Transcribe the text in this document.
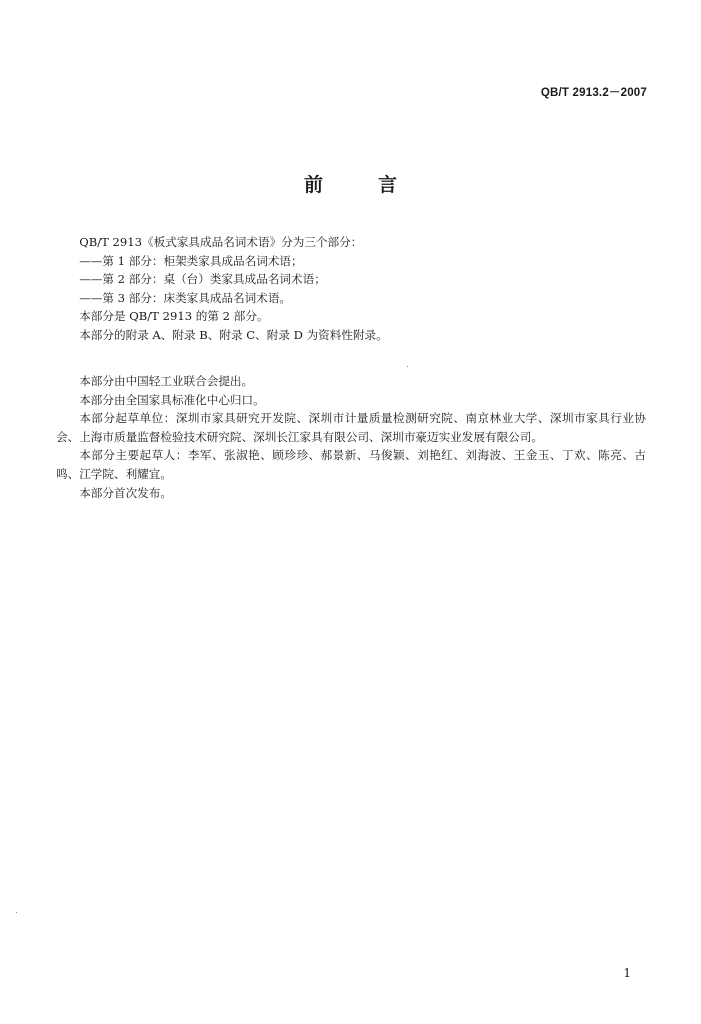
QB/T 2913.2－2007
前　言

QB/T 2913《板式家具成品名词术语》分为三个部分：

——第 1 部分：柜架类家具成品名词术语；

——第 2 部分：桌（台）类家具成品名词术语；

——第 3 部分：床类家具成品名词术语。

本部分是 QB/T 2913 的第 2 部分。

本部分的附录 A、附录 B、附录 C、附录 D 为资料性附录。

本部分由中国轻工业联合会提出。

本部分由全国家具标准化中心归口。

本部分起草单位：深圳市家具研究开发院、深圳市计量质量检测研究院、南京林业大学、深圳市家具行业协会、上海市质量监督检验技术研究院、深圳长江家具有限公司、深圳市豪迈实业发展有限公司。

本部分主要起草人：李军、张淑艳、顾珍珍、郝景新、马俊颖、刘艳红、刘海波、王金玉、丁欢、陈亮、古鸣、江学院、利耀宜。

本部分首次发布。

1
